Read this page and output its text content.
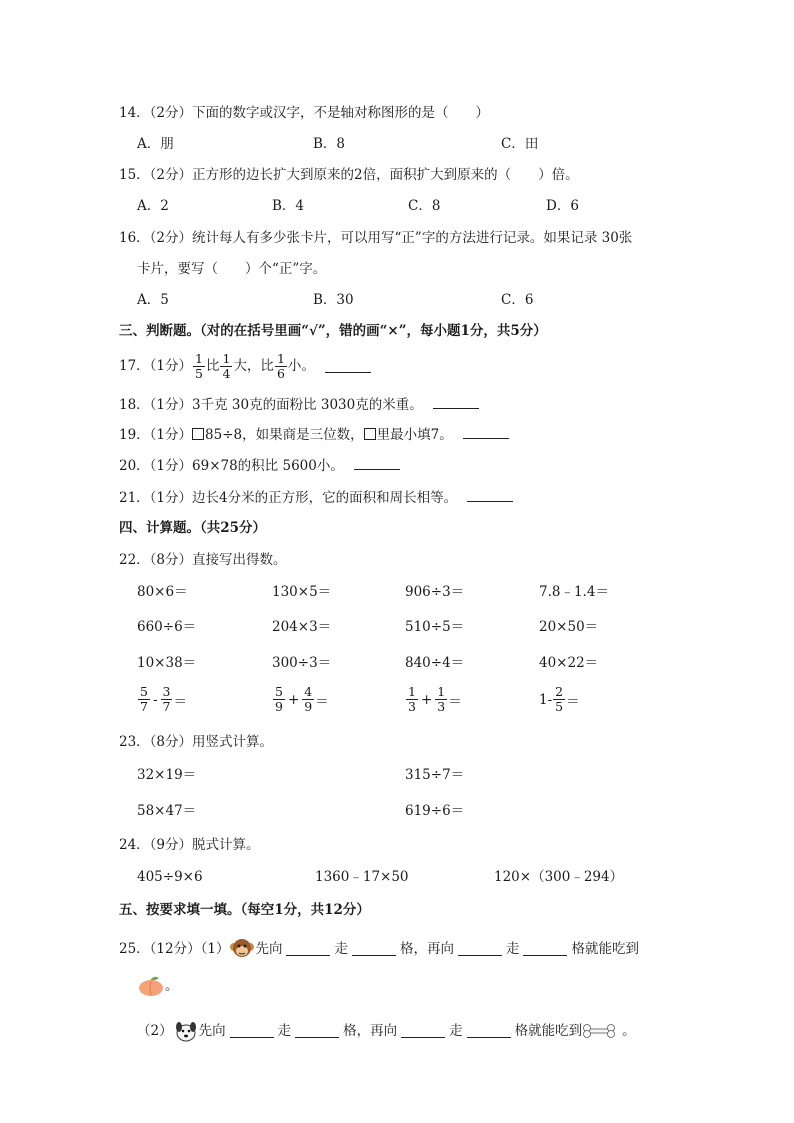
14．（2分）下面的数字或汉字，不是轴对称图形的是（　　）
A．朋	B．8	C．田
15．（2分）正方形的边长扩大到原来的2倍，面积扩大到原来的（　　）倍。
A．2	B．4	C．8	D．6
16．（2分）统计每人有多少张卡片，可以用写“正”字的方法进行记录。如果记录 30张
卡片，要写（　　）个“正”字。
A．5	B．30	C．6
三、判断题。（对的在括号里画“√”，错的画“×”，每小题1分，共5分）
17．（1分） $\frac{1}{5}$ 比 $\frac{1}{4}$ 大，比 $\frac{1}{6}$ 小。
18．（1分）3千克 30克的面粉比 3030克的米重。
19．（1分） 85÷8，如果商是三位数， 里最小填7。
20．（1分）69×78的积比 5600小。
21．（1分）边长4分米的正方形，它的面积和周长相等。
四、计算题。（共25分）
22．（8分）直接写出得数。
80×6＝	130×5＝	906÷3＝	7.8﹣1.4＝
660÷6＝	204×3＝	510÷5＝	20×50＝
10×38＝	300÷3＝	840÷4＝	40×22＝
$\frac{5}{7} - \frac{3}{7}$ ＝	$\frac{5}{9} + \frac{4}{9}$ ＝	$\frac{1}{3} + \frac{1}{3}$ ＝	$1- \frac{2}{5}$ ＝
23．（8分）用竖式计算。
32×19＝	315÷7＝
58×47＝	619÷6＝
24．（9分）脱式计算。
405÷9×6	1360﹣17×50	120×（300﹣294）
五、按要求填一填。（每空1分，共12分）
25．（12分）（1） 先向	走	格，再向	走	格就能吃到
。
（2） 先向	走	格，再向	走	格就能吃到	。
